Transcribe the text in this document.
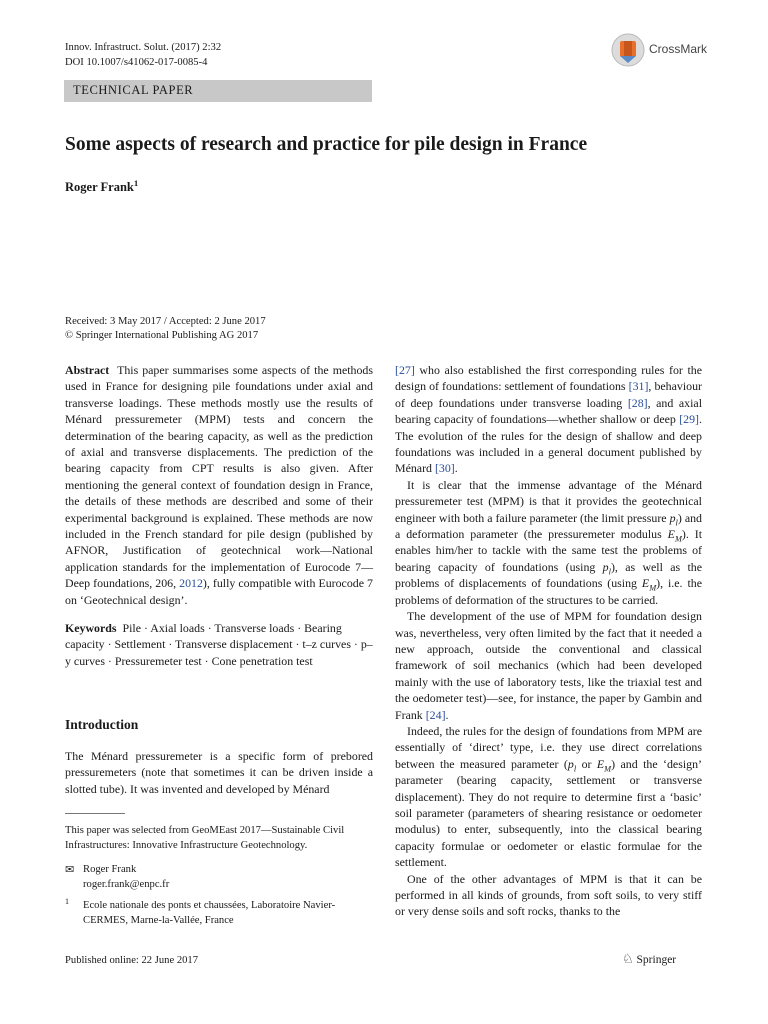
Innov. Infrastruct. Solut. (2017) 2:32
DOI 10.1007/s41062-017-0085-4
CrossMark
TECHNICAL PAPER
Some aspects of research and practice for pile design in France
Roger Frank$^1$
Received: 3 May 2017 / Accepted: 2 June 2017
© Springer International Publishing AG 2017
Abstract This paper summarises some aspects of the methods used in France for designing pile foundations under axial and transverse loadings. These methods mostly use the results of Ménard pressuremeter (MPM) tests and concern the determination of the bearing capacity, as well as the prediction of axial and transverse displacements. The prediction of the bearing capacity from CPT results is also given. After mentioning the general context of foundation design in France, the details of these methods are described and some of their experimental background is explained. These methods are now included in the French standard for pile design (published by AFNOR, Justification of geotechnical work—National application standards for the implementation of Eurocode 7—Deep foundations, 206, 2012), fully compatible with Eurocode 7 on ‘Geotechnical design’.
Keywords Pile · Axial loads · Transverse loads · Bearing capacity · Settlement · Transverse displacement · t–z curves · p–y curves · Pressuremeter test · Cone penetration test
Introduction
The Ménard pressuremeter is a specific form of prebored pressuremeters (note that sometimes it can be driven inside a slotted tube). It was invented and developed by Ménard
This paper was selected from GeoMEast 2017—Sustainable Civil Infrastructures: Innovative Infrastructure Geotechnology.
✉ Roger Frank
roger.frank@enpc.fr
1	Ecole nationale des ponts et chaussées, Laboratoire Navier-CERMES, Marne-la-Vallée, France

[27] who also established the first corresponding rules for the design of foundations: settlement of foundations [31], behaviour of deep foundations under transverse loading [28], and axial bearing capacity of foundations—whether shallow or deep [29]. The evolution of the rules for the design of shallow and deep foundations was included in a general document published by Ménard [30].

It is clear that the immense advantage of the Ménard pressuremeter test (MPM) is that it provides the geotechnical engineer with both a failure parameter (the limit pressure $p_l$) and a deformation parameter (the pressuremeter modulus $E_M$). It enables him/her to tackle with the same test the problems of bearing capacity of foundations (using $p_l$), as well as the problems of displacements of foundations (using $E_M$), i.e. the problems of deformation of the structures to be carried.

The development of the use of MPM for foundation design was, nevertheless, very often limited by the fact that it needed a new approach, outside the conventional and classical framework of soil mechanics (which had been developed mainly with the use of laboratory tests, like the triaxial test and the oedometer test)—see, for instance, the paper by Gambin and Frank [24].

Indeed, the rules for the design of foundations from MPM are essentially of ‘direct’ type, i.e. they use direct correlations between the measured parameter ($p_l$ or $E_M$) and the ‘design’ parameter (bearing capacity, settlement or transverse displacement). They do not require to determine first a ‘basic’ soil parameter (parameters of shearing resistance or oedometer modulus) to enter, subsequently, into the classical bearing capacity formulae or oedometer or elastic formulae for the settlement.

One of the other advantages of MPM is that it can be performed in all kinds of grounds, from soft soils, to very stiff or very dense soils and soft rocks, thanks to the

Published online: 22 June 2017	♘ Springer
